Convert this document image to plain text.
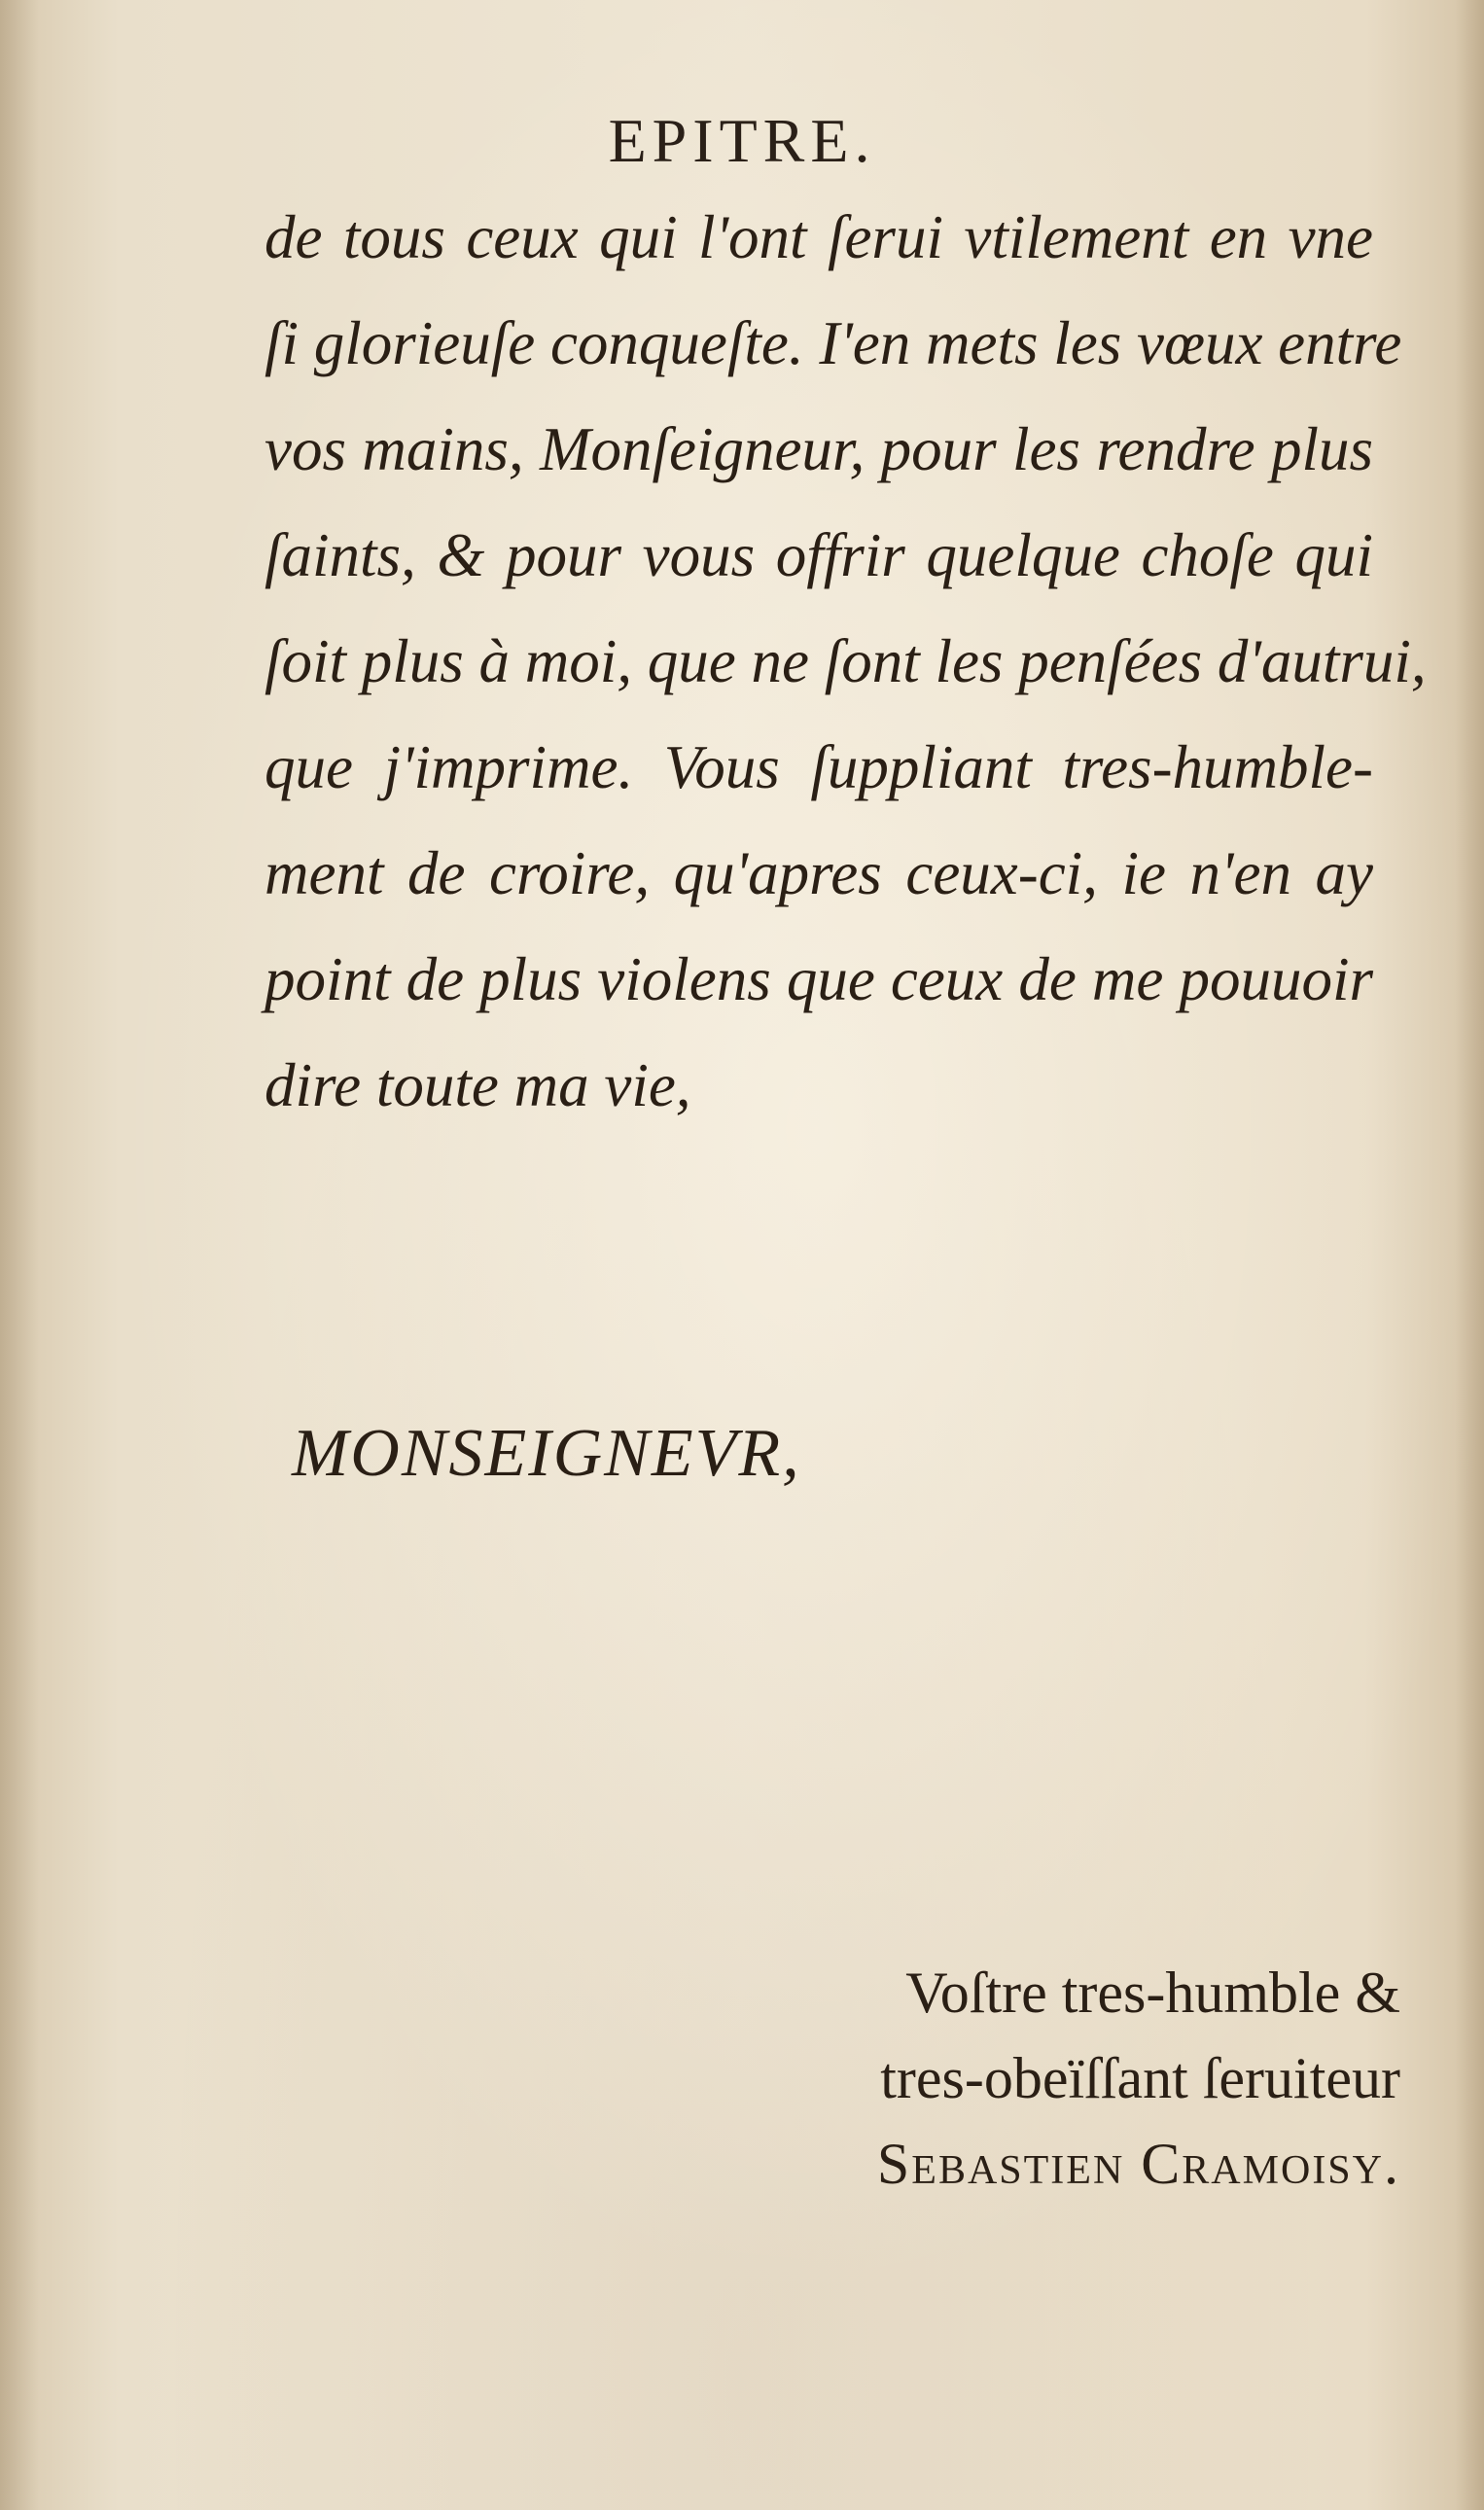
EPITRE.
de tous ceux qui l'ont ſerui vtilement en vne
ſi glorieuſe conqueſte. I'en mets les vœux entre
vos mains, Monſeigneur, pour les rendre plus
ſaints, & pour vous offrir quelque choſe qui
ſoit plus à moi, que ne ſont les penſées d'autrui,
que j'imprime. Vous ſuppliant tres-humble-
ment de croire, qu'apres ceux-ci, ie n'en ay
point de plus violens que ceux de me pouuoir
dire toute ma vie,
MONSEIGNEVR,
Voſtre tres-humble &
tres-obeïſſant ſeruiteur
Sebastien Cramoisy.
